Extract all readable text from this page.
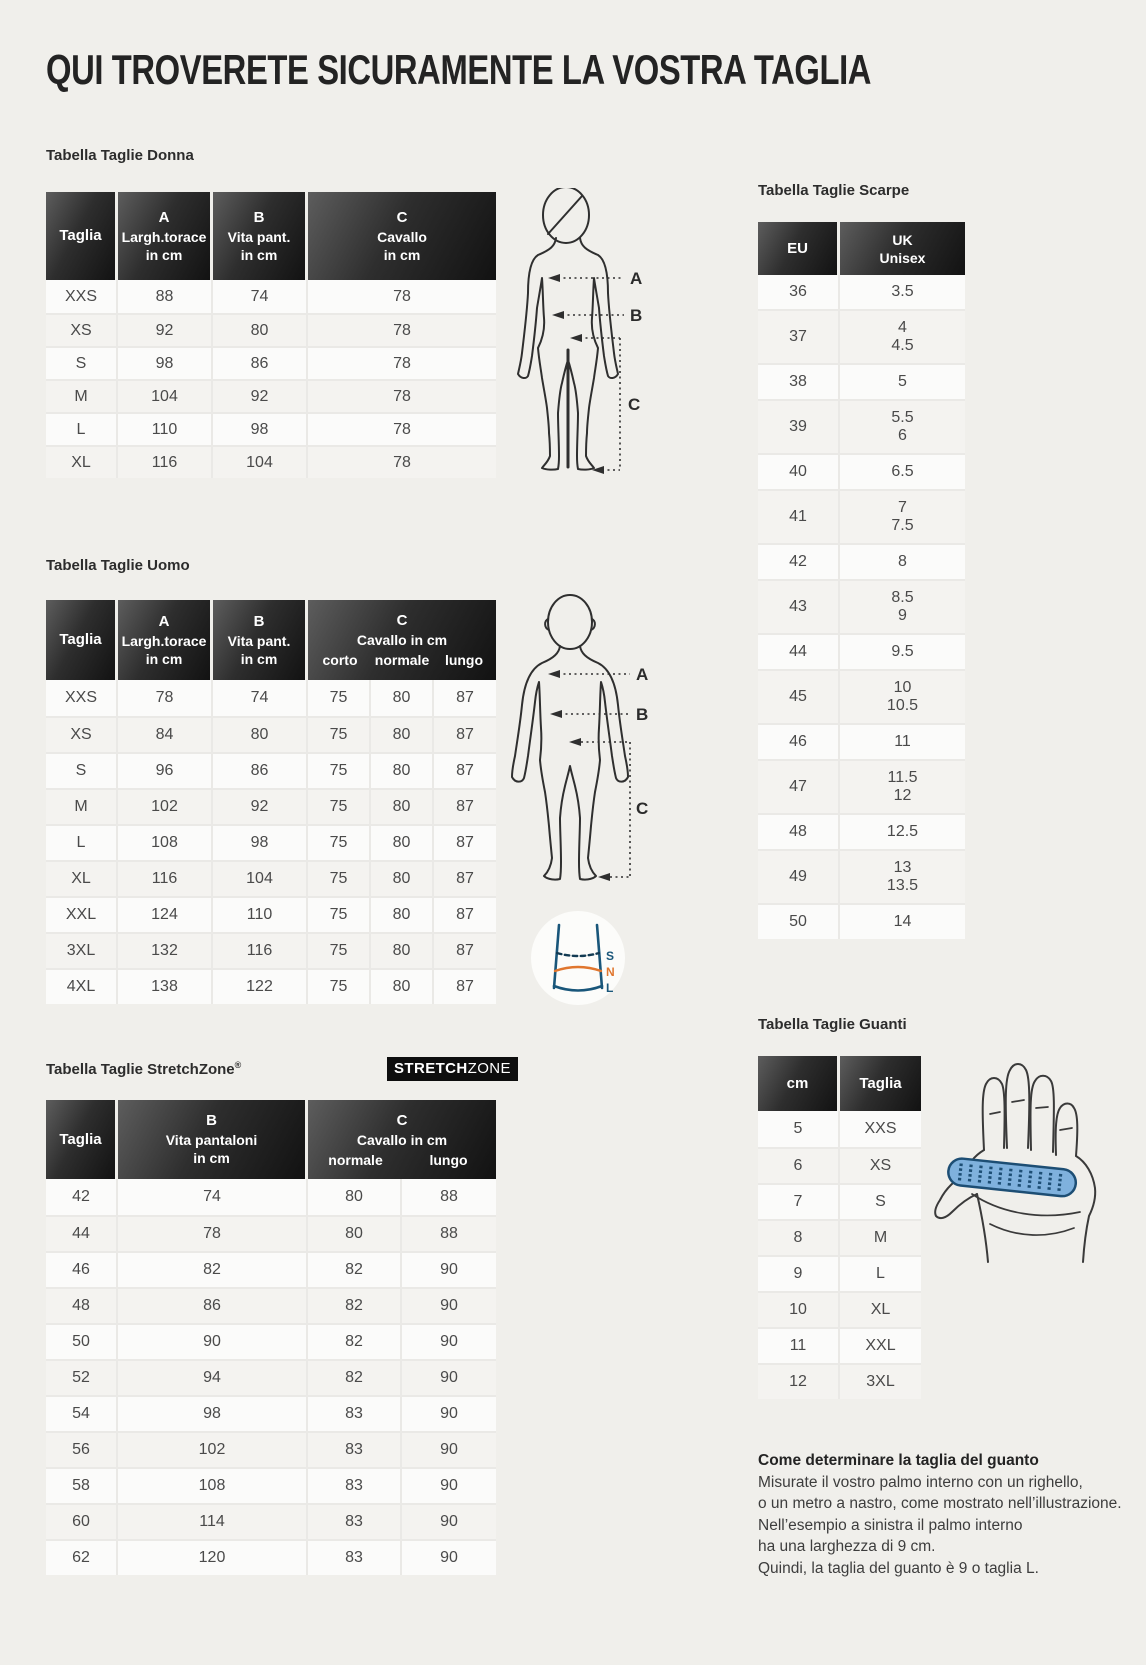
QUI TROVERETE SICURAMENTE LA VOSTRA TAGLIA
Tabella Taglie Donna
Taglia	
A
Largh.torace
in cm

B
Vita pant.
in cm

C
Cavallo
in cm

XXS	88	74	78
XS	92	80	78
S	98	86	78
M	104	92	78
L	110	98	78
XL	116	104	78
Tabella Taglie Uomo
Taglia	
A
Largh.torace
in cm

B
Vita pant.
in cm

C
Cavallo in cm
corto	normale	lungo

XXS	78	74	75	80	87
XS	84	80	75	80	87
S	96	86	75	80	87
M	102	92	75	80	87
L	108	98	75	80	87
XL	116	104	75	80	87
XXL	124	110	75	80	87
3XL	132	116	75	80	87
4XL	138	122	75	80	87
Tabella Taglie StretchZone®	STRETCHZONE
Taglia	
B
Vita pantaloni
in cm

C
Cavallo in cm
normale	lungo

42	74	80	88
44	78	80	88
46	82	82	90
48	86	82	90
50	90	82	90
52	94	82	90
54	98	83	90
56	102	83	90
58	108	83	90
60	114	83	90
62	120	83	90
Tabella Taglie Scarpe
EU	UK
Unisex

36	3.5
37	4
4.5
38	5
39	5.5
6
40	6.5
41	7
7.5
42	8
43	8.5
9
44	9.5
45	10
10.5
46	11
47	11.5
12
48	12.5
49	13
13.5
50	14
Tabella Taglie Guanti
cm	Taglia
5	XXS
6	XS
7	S
8	M
9	L
10	XL
11	XXL
12	3XL
A
B
C
A
B
C
S
N
L
Come determinare la taglia del guanto
Misurate il vostro palmo interno con un righello,
o un metro a nastro, come mostrato nell’illustrazione.
Nell’esempio a sinistra il palmo interno
ha una larghezza di 9 cm.
Quindi, la taglia del guanto è 9 o taglia L.
